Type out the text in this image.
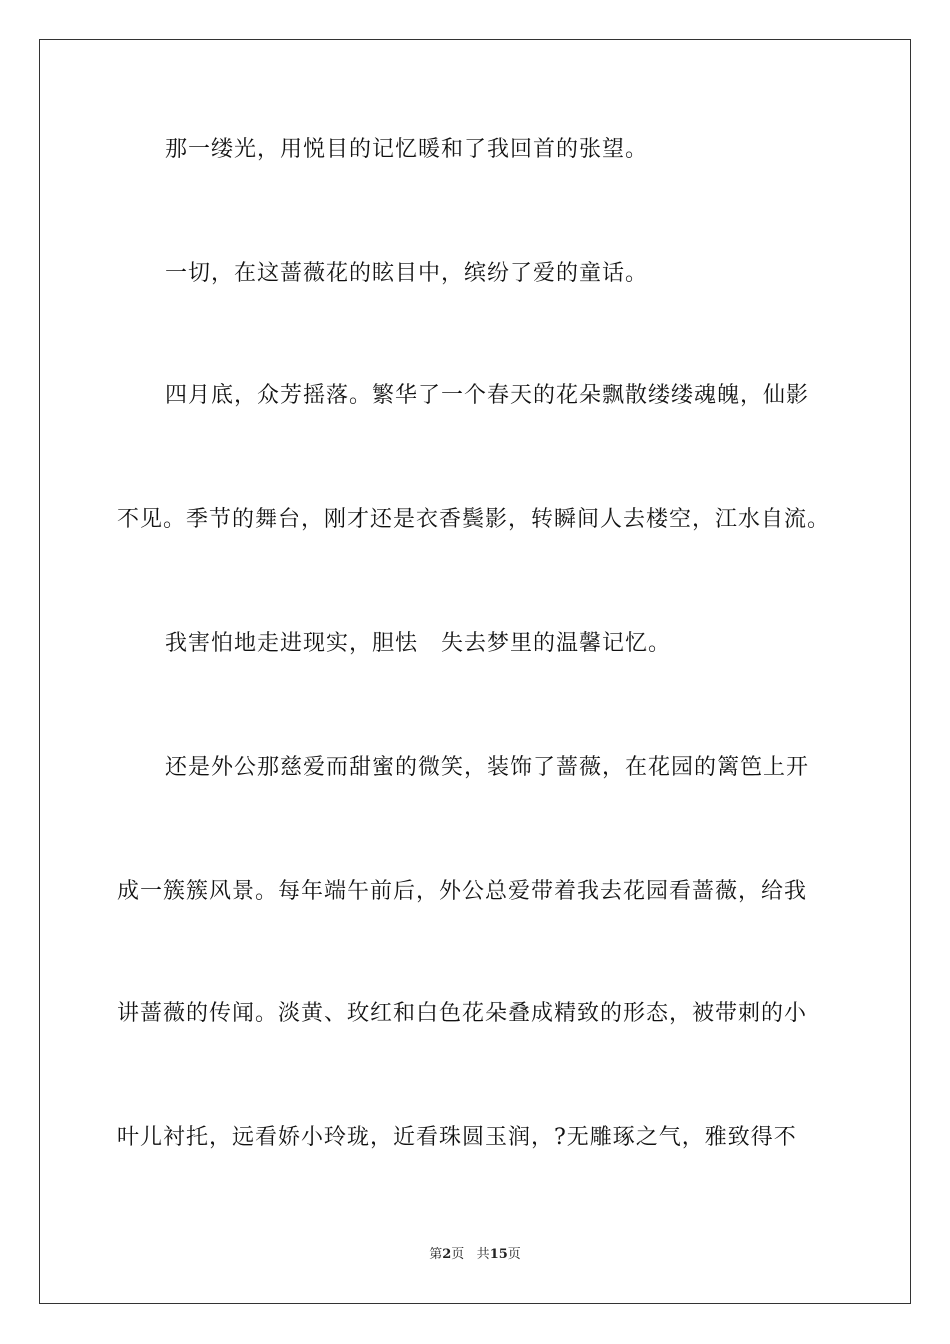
那一缕光，用悦目的记忆暖和了我回首的张望。
一切，在这蔷薇花的眩目中，缤纷了爱的童话。
四月底，众芳摇落。繁华了一个春天的花朵飘散缕缕魂魄，仙影
不见。季节的舞台，刚才还是衣香鬓影，转瞬间人去楼空，江水自流。
我害怕地走进现实，胆怯　失去梦里的温馨记忆。
还是外公那慈爱而甜蜜的微笑，装饰了蔷薇，在花园的篱笆上开
成一簇簇风景。每年端午前后，外公总爱带着我去花园看蔷薇，给我
讲蔷薇的传闻。淡黄、玫红和白色花朵叠成精致的形态，被带刺的小
叶儿衬托，远看娇小玲珑，近看珠圆玉润，?无雕琢之气，雅致得不
第2页 共15页
